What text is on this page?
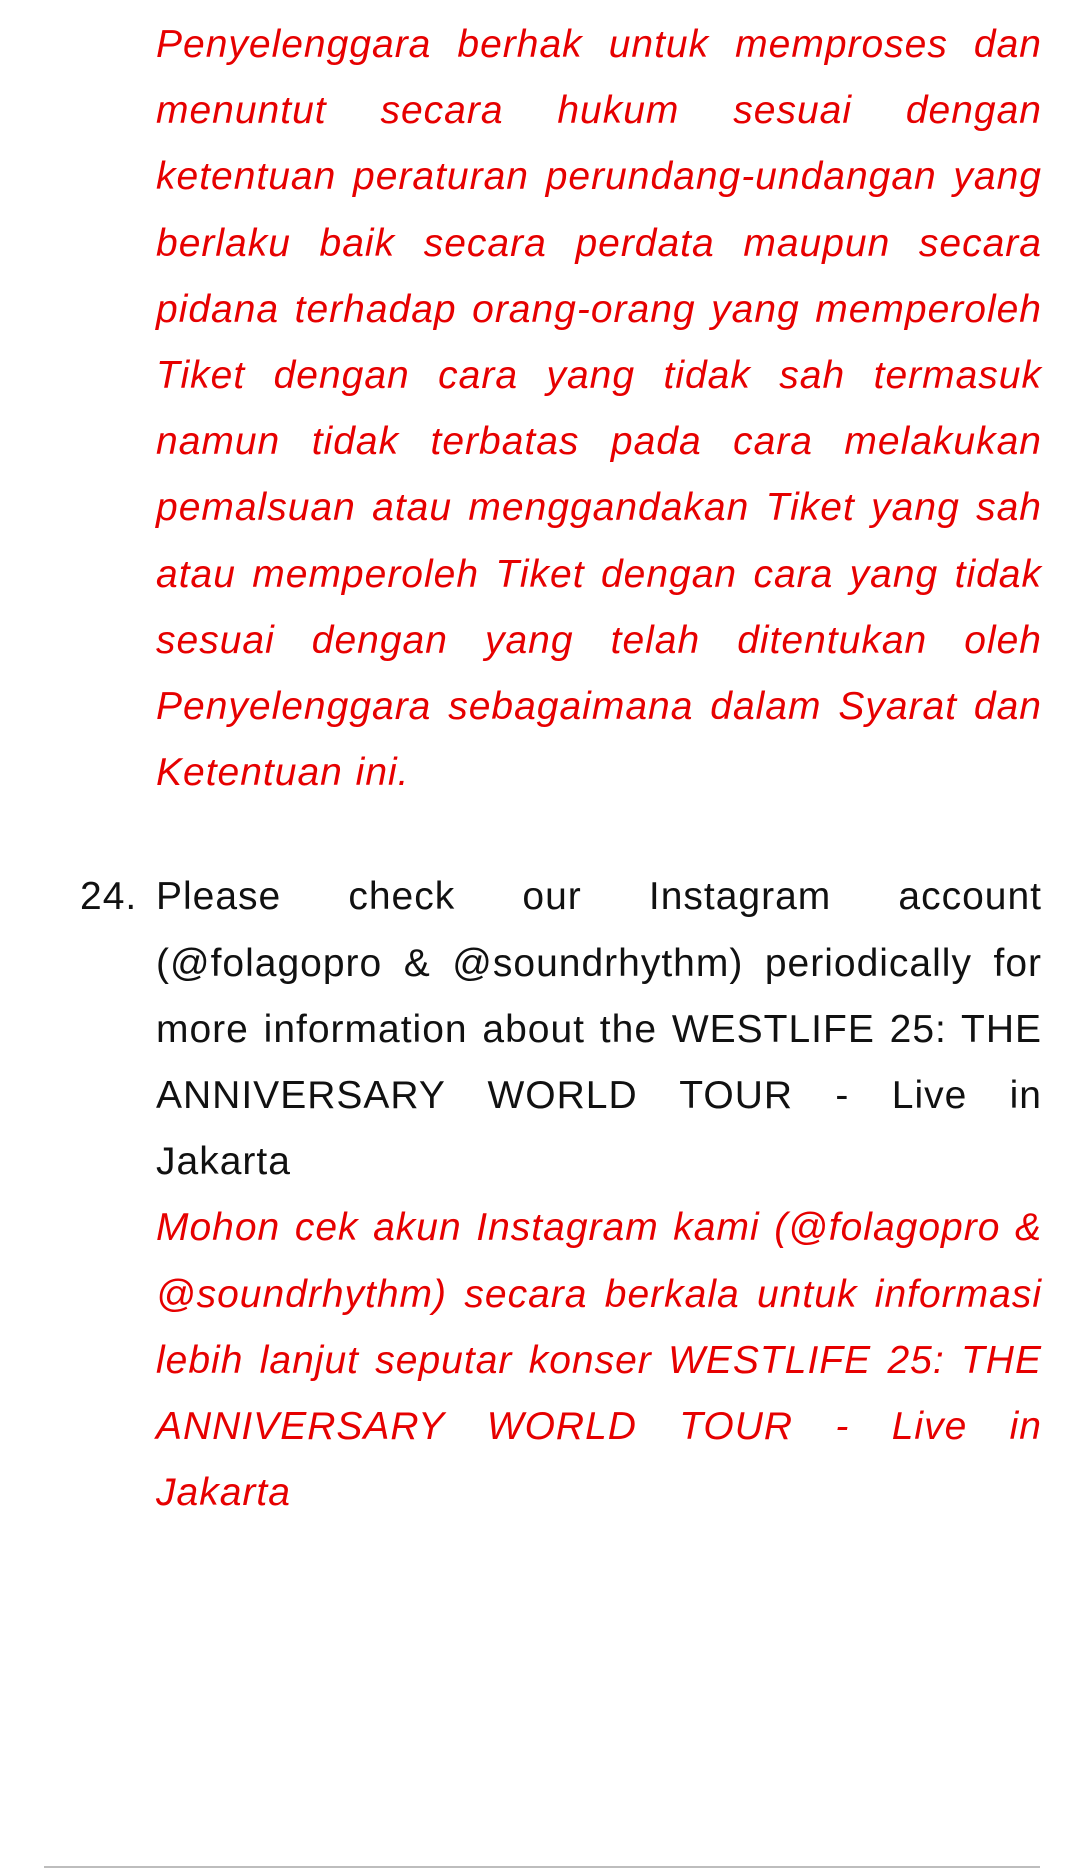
Penyelenggara berhak untuk memproses dan menuntut secara hukum sesuai dengan ketentuan peraturan perundang-undangan yang berlaku baik secara perdata maupun secara pidana terhadap orang-orang yang memperoleh Tiket dengan cara yang tidak sah termasuk namun tidak terbatas pada cara melakukan pemalsuan atau menggandakan Tiket yang sah atau memperoleh Tiket dengan cara yang tidak sesuai dengan yang telah ditentukan oleh Penyelenggara sebagaimana dalam Syarat dan Ketentuan ini.

24. Please check our Instagram account (@folagopro & @soundrhythm) periodically for more information about the WESTLIFE 25: THE ANNIVERSARY WORLD TOUR - Live in Jakarta

Mohon cek akun Instagram kami (@folagopro & @soundrhythm) secara berkala untuk informasi lebih lanjut seputar konser WESTLIFE 25: THE ANNIVERSARY WORLD TOUR - Live in Jakarta
